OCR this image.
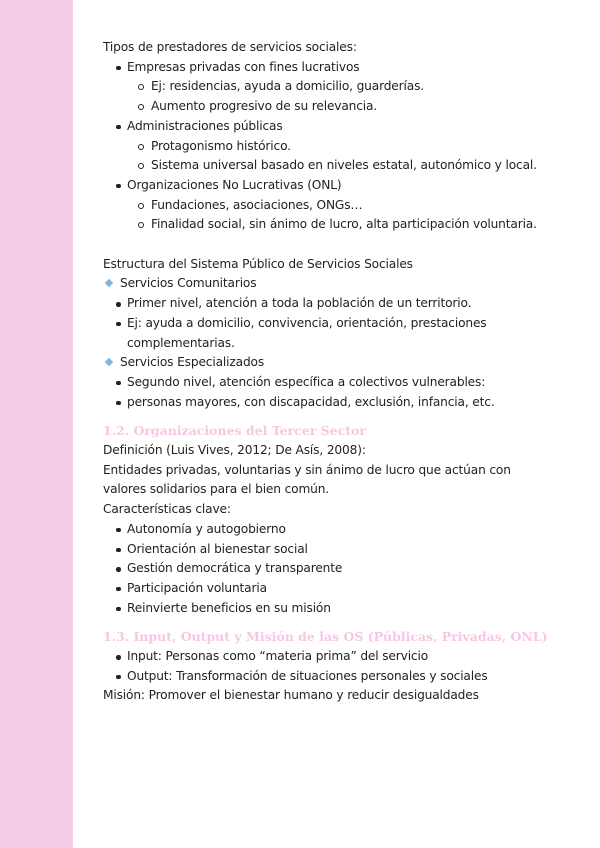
Tipos de prestadores de servicios sociales:
Empresas privadas con fines lucrativos
Ej: residencias, ayuda a domicilio, guarderías.
Aumento progresivo de su relevancia.
Administraciones públicas
Protagonismo histórico.
Sistema universal basado en niveles estatal, autonómico y local.
Organizaciones No Lucrativas (ONL)
Fundaciones, asociaciones, ONGs…
Finalidad social, sin ánimo de lucro, alta participación voluntaria.
Estructura del Sistema Público de Servicios Sociales
Servicios Comunitarios
Primer nivel, atención a toda la población de un territorio.
Ej: ayuda a domicilio, convivencia, orientación, prestaciones
complementarias.
Servicios Especializados
Segundo nivel, atención específica a colectivos vulnerables:
personas mayores, con discapacidad, exclusión, infancia, etc.
1.2. Organizaciones del Tercer Sector
Definición (Luis Vives, 2012; De Asís, 2008):
Entidades privadas, voluntarias y sin ánimo de lucro que actúan con
valores solidarios para el bien común.
Características clave:
Autonomía y autogobierno
Orientación al bienestar social
Gestión democrática y transparente
Participación voluntaria
Reinvierte beneficios en su misión
1.3. Input, Output y Misión de las OS (Públicas, Privadas, ONL)
Input: Personas como “materia prima” del servicio
Output: Transformación de situaciones personales y sociales
Misión: Promover el bienestar humano y reducir desigualdades
